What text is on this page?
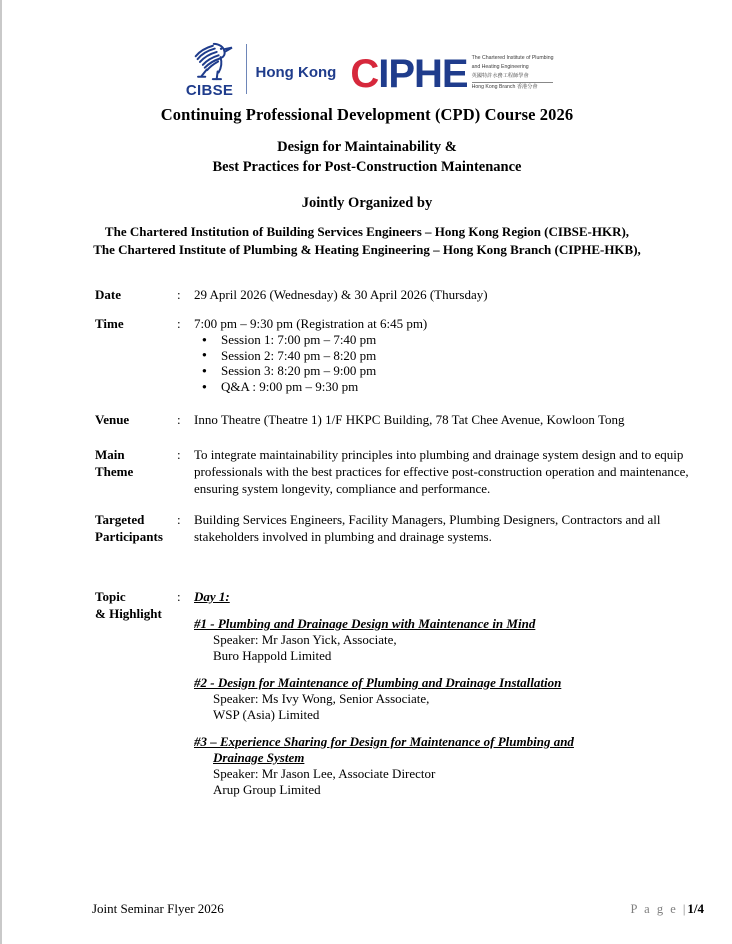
CIBSE
Hong Kong CIPHE The Chartered Institute of Plumbing
and Heating Engineering
英國特許水務工程師學會
Hong Kong Branch 香港分會
Continuing Professional Development (CPD) Course 2026
Design for Maintainability &
Best Practices for Post-Construction Maintenance
Jointly Organized by
The Chartered Institution of Building Services Engineers – Hong Kong Region (CIBSE-HKR),
The Chartered Institute of Plumbing & Heating Engineering – Hong Kong Branch (CIPHE-HKB),
Date	:	29 April 2026 (Wednesday) & 30 April 2026 (Thursday)
Time	:	7:00 pm – 9:30 pm (Registration at 6:45 pm)

● Session 1: 7:00 pm – 7:40 pm
● Session 2: 7:40 pm – 8:20 pm
● Session 3: 8:20 pm – 9:00 pm
● Q&A : 9:00 pm – 9:30 pm
Venue	:	Inno Theatre (Theatre 1) 1/F HKPC Building, 78 Tat Chee Avenue, Kowloon Tong
Main
Theme
:	To integrate maintainability principles into plumbing and drainage system design and to equip professionals with the best practices for effective post-construction operation and maintenance, ensuring system longevity, compliance and performance.
Targeted
Participants
:	Building Services Engineers, Facility Managers, Plumbing Designers, Contractors and all stakeholders involved in plumbing and drainage systems.
Topic
& Highlight
:	Day 1:

#1 - Plumbing and Drainage Design with Maintenance in Mind

Speaker: Mr Jason Yick, Associate,

Buro Happold Limited

#2 - Design for Maintenance of Plumbing and Drainage Installation

Speaker: Ms Ivy Wong, Senior Associate,

WSP (Asia) Limited

#3 – Experience Sharing for Design for Maintenance of Plumbing and
Drainage System

Speaker: Mr Jason Lee, Associate Director

Arup Group Limited

Joint Seminar Flyer 2026	P a g e |1/4
